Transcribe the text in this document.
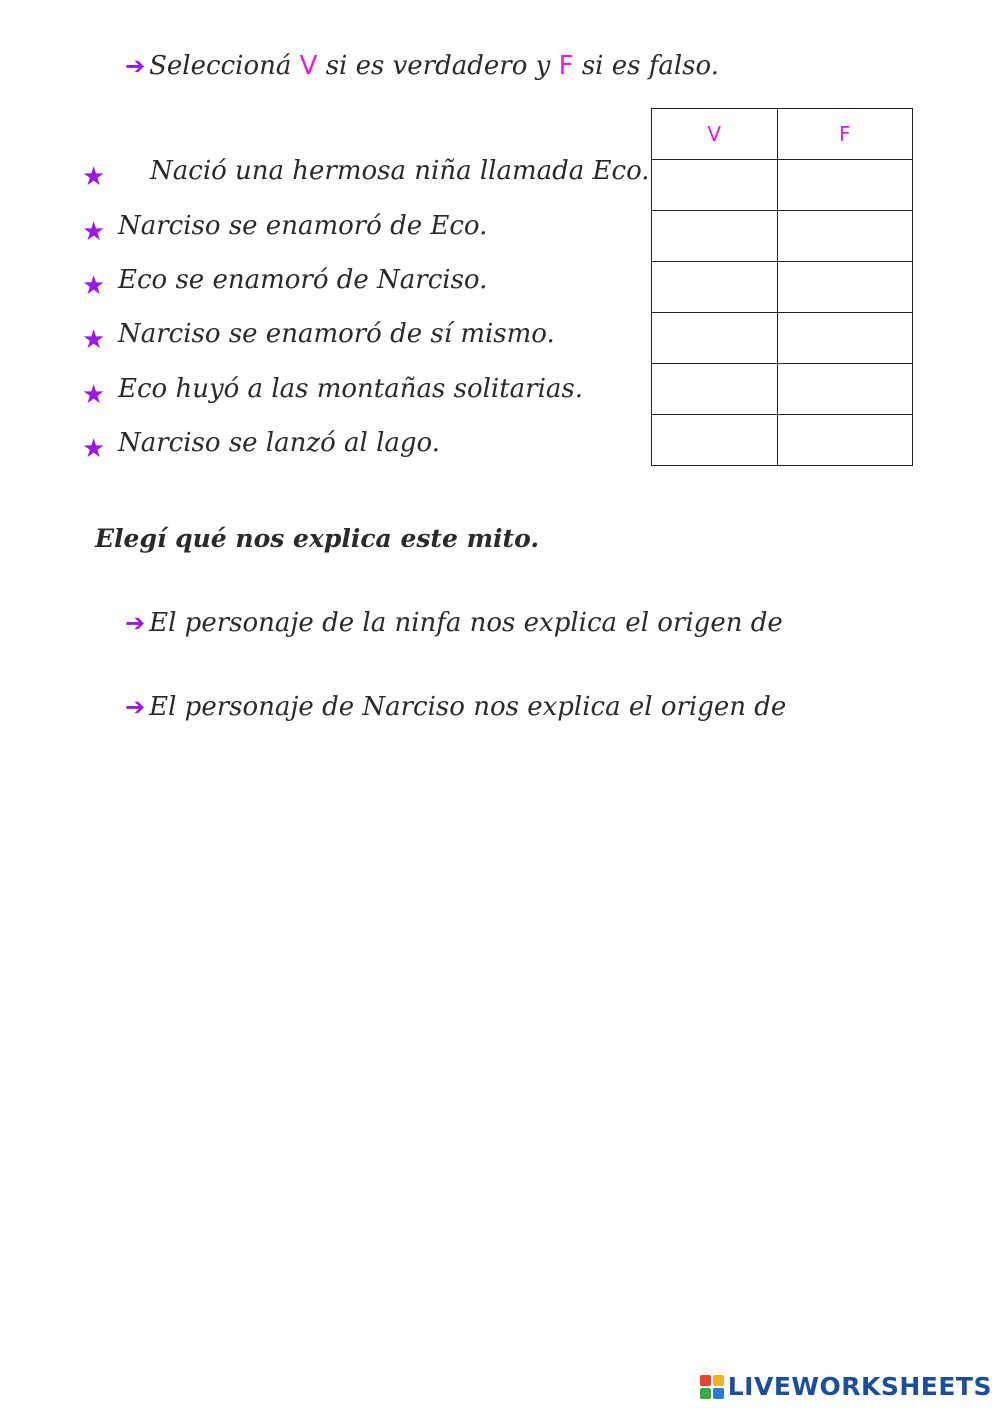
➔ Seleccioná V si es verdadero y F si es falso.
★ Nació una hermosa niña llamada Eco.
★ Narciso se enamoró de Eco.
★ Eco se enamoró de Narciso.
★ Narciso se enamoró de sí mismo.
★ Eco huyó a las montañas solitarias.
★ Narciso se lanzó al lago.
V	F

Elegí qué nos explica este mito.
➔ El personaje de la ninfa nos explica el origen de
➔ El personaje de Narciso nos explica el origen de
LIVEWORKSHEETS
